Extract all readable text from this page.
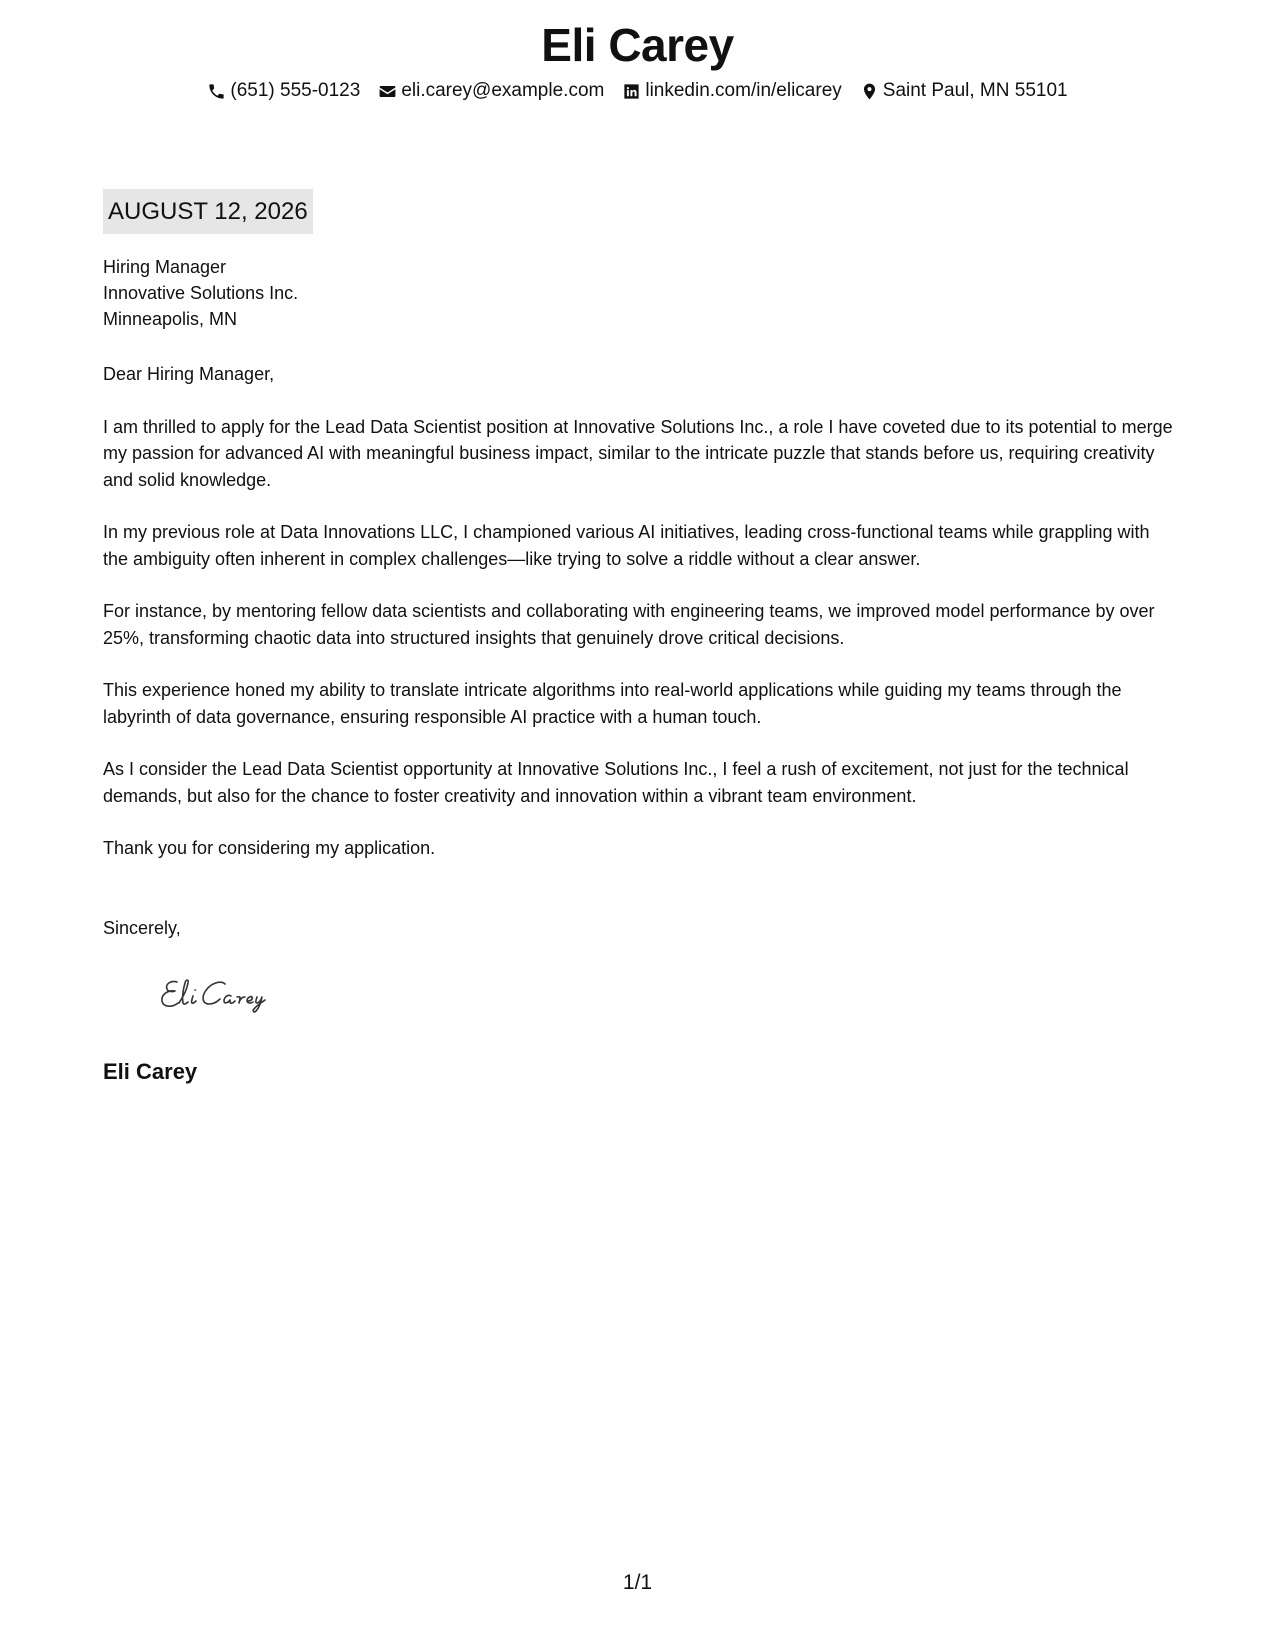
Eli Carey
(651) 555-0123 eli.carey@example.com linkedin.com/in/elicarey Saint Paul, MN 55101
AUGUST 12, 2026
Hiring Manager
Innovative Solutions Inc.
Minneapolis, MN

Dear Hiring Manager,

I am thrilled to apply for the Lead Data Scientist position at Innovative Solutions Inc., a role I have coveted due to its potential to merge my passion for advanced AI with meaningful business impact, similar to the intricate puzzle that stands before us, requiring creativity and solid knowledge.

In my previous role at Data Innovations LLC, I championed various AI initiatives, leading cross-functional teams while grappling with the ambiguity often inherent in complex challenges—like trying to solve a riddle without a clear answer.

For instance, by mentoring fellow data scientists and collaborating with engineering teams, we improved model performance by over 25%, transforming chaotic data into structured insights that genuinely drove critical decisions.

This experience honed my ability to translate intricate algorithms into real-world applications while guiding my teams through the labyrinth of data governance, ensuring responsible AI practice with a human touch.

As I consider the Lead Data Scientist opportunity at Innovative Solutions Inc., I feel a rush of excitement, not just for the technical demands, but also for the chance to foster creativity and innovation within a vibrant team environment.

Thank you for considering my application.

Sincerely,
Eli Carey
1/1
